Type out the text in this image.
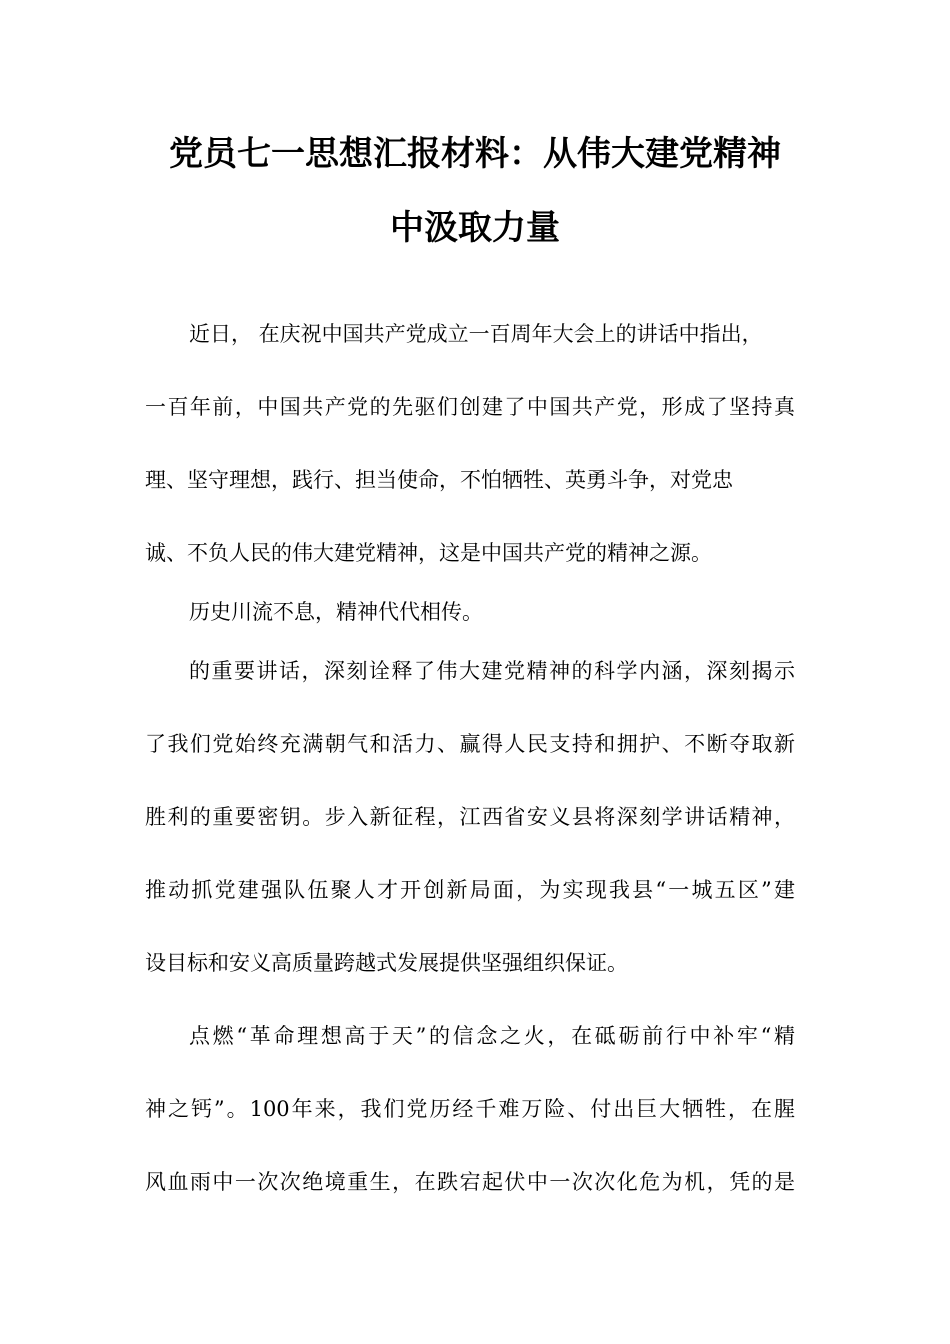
党员七一思想汇报材料：从伟大建党精神
中汲取力量
近日， 在庆祝中国共产党成立一百周年大会上的讲话中指出，
一百年前，中国共产党的先驱们创建了中国共产党，形成了坚持真
理、坚守理想，践行、担当使命，不怕牺牲、英勇斗争，对党忠
诚、不负人民的伟大建党精神，这是中国共产党的精神之源。
历史川流不息，精神代代相传。
的重要讲话，深刻诠释了伟大建党精神的科学内涵，深刻揭示
了我们党始终充满朝气和活力、赢得人民支持和拥护、不断夺取新
胜利的重要密钥。步入新征程，江西省安义县将深刻学讲话精神，
推动抓党建强队伍聚人才开创新局面，为实现我县“一城五区”建
设目标和安义高质量跨越式发展提供坚强组织保证。
点燃“革命理想高于天”的信念之火，在砥砺前行中补牢“精
神之钙”。100年来，我们党历经千难万险、付出巨大牺牲，在腥
风血雨中一次次绝境重生，在跌宕起伏中一次次化危为机，凭的是
